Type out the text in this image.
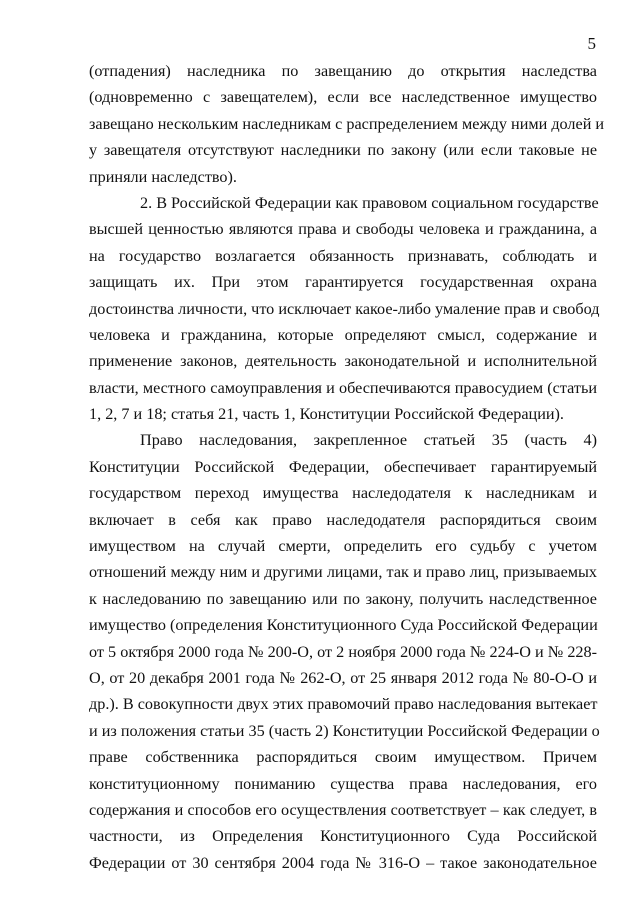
5
(отпадения) наследника по завещанию до открытия наследства
(одновременно с завещателем), если все наследственное имущество
завещано нескольким наследникам с распределением между ними долей и
у завещателя отсутствуют наследники по закону (или если таковые не
приняли наследство).
2. В Российской Федерации как правовом социальном государстве
высшей ценностью являются права и свободы человека и гражданина, а
на государство возлагается обязанность признавать, соблюдать и
защищать их. При этом гарантируется государственная охрана
достоинства личности, что исключает какое-либо умаление прав и свобод
человека и гражданина, которые определяют смысл, содержание и
применение законов, деятельность законодательной и исполнительной
власти, местного самоуправления и обеспечиваются правосудием (статьи
1, 2, 7 и 18; статья 21, часть 1, Конституции Российской Федерации).
Право наследования, закрепленное статьей 35 (часть 4)
Конституции Российской Федерации, обеспечивает гарантируемый
государством переход имущества наследодателя к наследникам и
включает в себя как право наследодателя распорядиться своим
имуществом на случай смерти, определить его судьбу с учетом
отношений между ним и другими лицами, так и право лиц, призываемых
к наследованию по завещанию или по закону, получить наследственное
имущество (определения Конституционного Суда Российской Федерации
от 5 октября 2000 года № 200-О, от 2 ноября 2000 года № 224-О и № 228-
О, от 20 декабря 2001 года № 262-О, от 25 января 2012 года № 80-О-О и
др.). В совокупности двух этих правомочий право наследования вытекает
и из положения статьи 35 (часть 2) Конституции Российской Федерации о
праве собственника распорядиться своим имуществом. Причем
конституционному пониманию существа права наследования, его
содержания и способов его осуществления соответствует – как следует, в
частности, из Определения Конституционного Суда Российской
Федерации от 30 сентября 2004 года № 316-О – такое законодательное
